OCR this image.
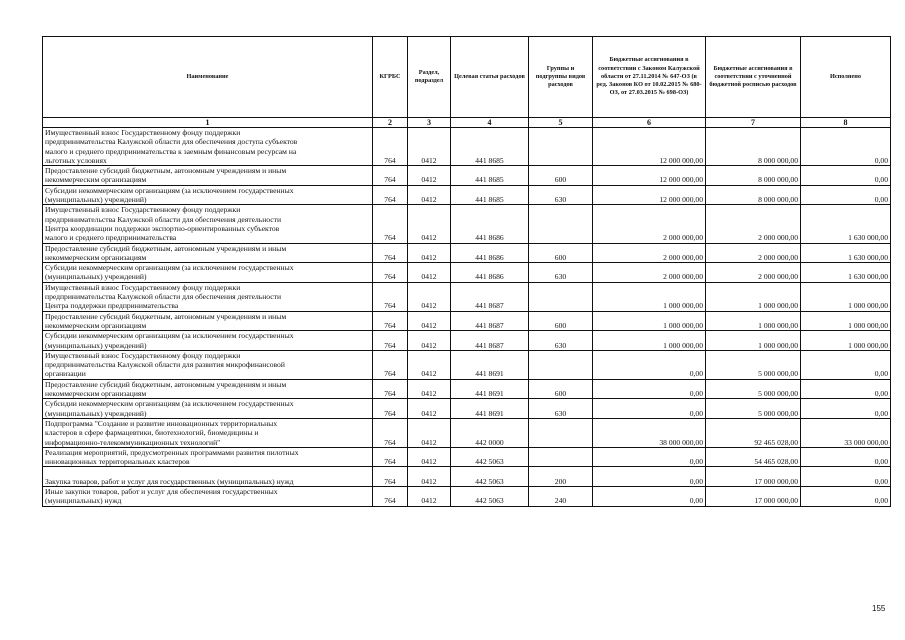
Наименование	КГРБС	Раздел, подраздел	Целевая статья расходов	Группы и подгруппы видов расходов	Бюджетные ассигнования в соответствии с Законом Калужской области от 27.11.2014 № 647-ОЗ (в ред. Законов КО от 10.02.2015 № 680-ОЗ, от 27.03.2015 № 698-ОЗ)	Бюджетные ассигнования в соответствии с уточненной бюджетной росписью расходов	Исполнено
1	2	3	4	5	6	7	8

Имущественный взнос Государственному фонду поддержки
предпринимательства Калужской области для обеспечения доступа субъектов
малого и среднего предпринимательства к заемным финансовым ресурсам на
льготных условиях	764	0412	441 8685		12 000 000,00	8 000 000,00	0,00

Предоставление субсидий бюджетным, автономным учреждениям и иным
некоммерческим организациям	764	0412	441 8685	600	12 000 000,00	8 000 000,00	0,00

Субсидии некоммерческим организациям (за исключением государственных
(муниципальных) учреждений)	764	0412	441 8685	630	12 000 000,00	8 000 000,00	0,00

Имущественный взнос Государственному фонду поддержки
предпринимательства Калужской области для обеспечения деятельности
Центра координации поддержки экспортно-ориентированных субъектов
малого и среднего предпринимательства	764	0412	441 8686		2 000 000,00	2 000 000,00	1 630 000,00

Предоставление субсидий бюджетным, автономным учреждениям и иным
некоммерческим организациям	764	0412	441 8686	600	2 000 000,00	2 000 000,00	1 630 000,00

Субсидии некоммерческим организациям (за исключением государственных
(муниципальных) учреждений)	764	0412	441 8686	630	2 000 000,00	2 000 000,00	1 630 000,00

Имущественный взнос Государственному фонду поддержки
предпринимательства Калужской области для обеспечения деятельности
Центра поддержки предпринимательства	764	0412	441 8687		1 000 000,00	1 000 000,00	1 000 000,00

Предоставление субсидий бюджетным, автономным учреждениям и иным
некоммерческим организациям	764	0412	441 8687	600	1 000 000,00	1 000 000,00	1 000 000,00

Субсидии некоммерческим организациям (за исключением государственных
(муниципальных) учреждений)	764	0412	441 8687	630	1 000 000,00	1 000 000,00	1 000 000,00

Имущественный взнос Государственному фонду поддержки
предпринимательства Калужской области для развития микрофинансовой
организации	764	0412	441 8691		0,00	5 000 000,00	0,00

Предоставление субсидий бюджетным, автономным учреждениям и иным
некоммерческим организациям	764	0412	441 8691	600	0,00	5 000 000,00	0,00

Субсидии некоммерческим организациям (за исключением государственных
(муниципальных) учреждений)	764	0412	441 8691	630	0,00	5 000 000,00	0,00

Подпрограмма "Создание и развитие инновационных территориальных
кластеров в сфере фармацевтики, биотехнологий, биомедицины и
информационно-телекоммуникационных технологий"	764	0412	442 0000		38 000 000,00	92 465 028,00	33 000 000,00

Реализация мероприятий, предусмотренных программами развития пилотных
инновационных территориальных кластеров	764	0412	442 5063		0,00	54 465 028,00	0,00

Закупка товаров, работ и услуг для государственных (муниципальных) нужд	764	0412	442 5063	200	0,00	17 000 000,00	0,00

Иные закупки товаров, работ и услуг для обеспечения государственных
(муниципальных) нужд	764	0412	442 5063	240	0,00	17 000 000,00	0,00
155
